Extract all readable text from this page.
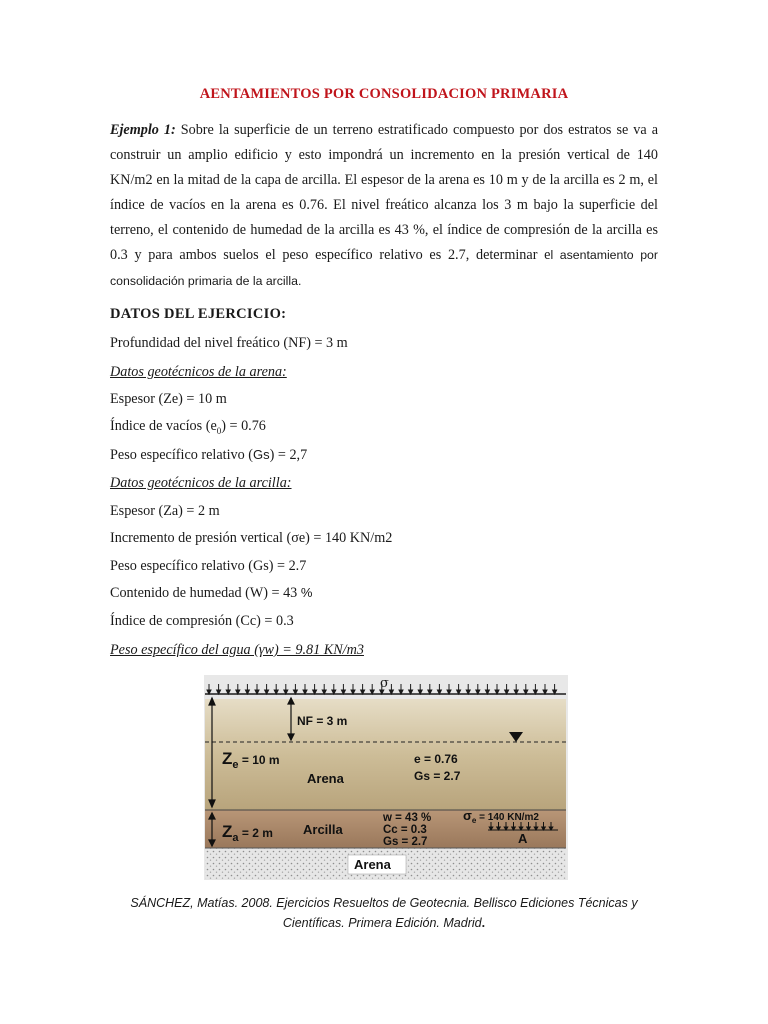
AENTAMIENTOS POR CONSOLIDACION PRIMARIA
Ejemplo 1: Sobre la superficie de un terreno estratificado compuesto por dos estratos se va a construir un amplio edificio y esto impondrá un incremento en la presión vertical de 140 KN/m2 en la mitad de la capa de arcilla. El espesor de la arena es 10 m y de la arcilla es 2 m, el índice de vacíos en la arena es 0.76. El nivel freático alcanza los 3 m bajo la superficie del terreno, el contenido de humedad de la arcilla es 43 %, el índice de compresión de la arcilla es 0.3 y para ambos suelos el peso específico relativo es 2.7, determinar el asentamiento por consolidación primaria de la arcilla.
DATOS DEL EJERCICIO:
Profundidad del nivel freático (NF) = 3 m
Datos geotécnicos de la arena:
Espesor (Ze) = 10 m
Índice de vacíos $(e_0) = 0.76$
Peso específico relativo (Gs) = 2,7
Datos geotécnicos de la arcilla:
Espesor (Za) = 2 m
Incremento de presión vertical (σe) = 140 KN/m2
Peso específico relativo (Gs) = 2.7
Contenido de humedad (W) = 43 %
Índice de compresión (Cc) = 0.3
Peso específico del agua (γw) = 9.81 KN/m3
σ
NF = 3 m
$Z_e$ $^{= 10 m}$
Arena
e = 0.76
Gs = 2.7
$Z_a$ $^{= 2 m}$ Arcilla
w = 43 %
Cc = 0.3
Gs = 2.7
σe = 140 KN/m2
A
Arena
SÁNCHEZ, Matías. 2008. Ejercicios Resueltos de Geotecnia. Bellisco Ediciones Técnicas y
Científicas. Primera Edición. Madrid.
